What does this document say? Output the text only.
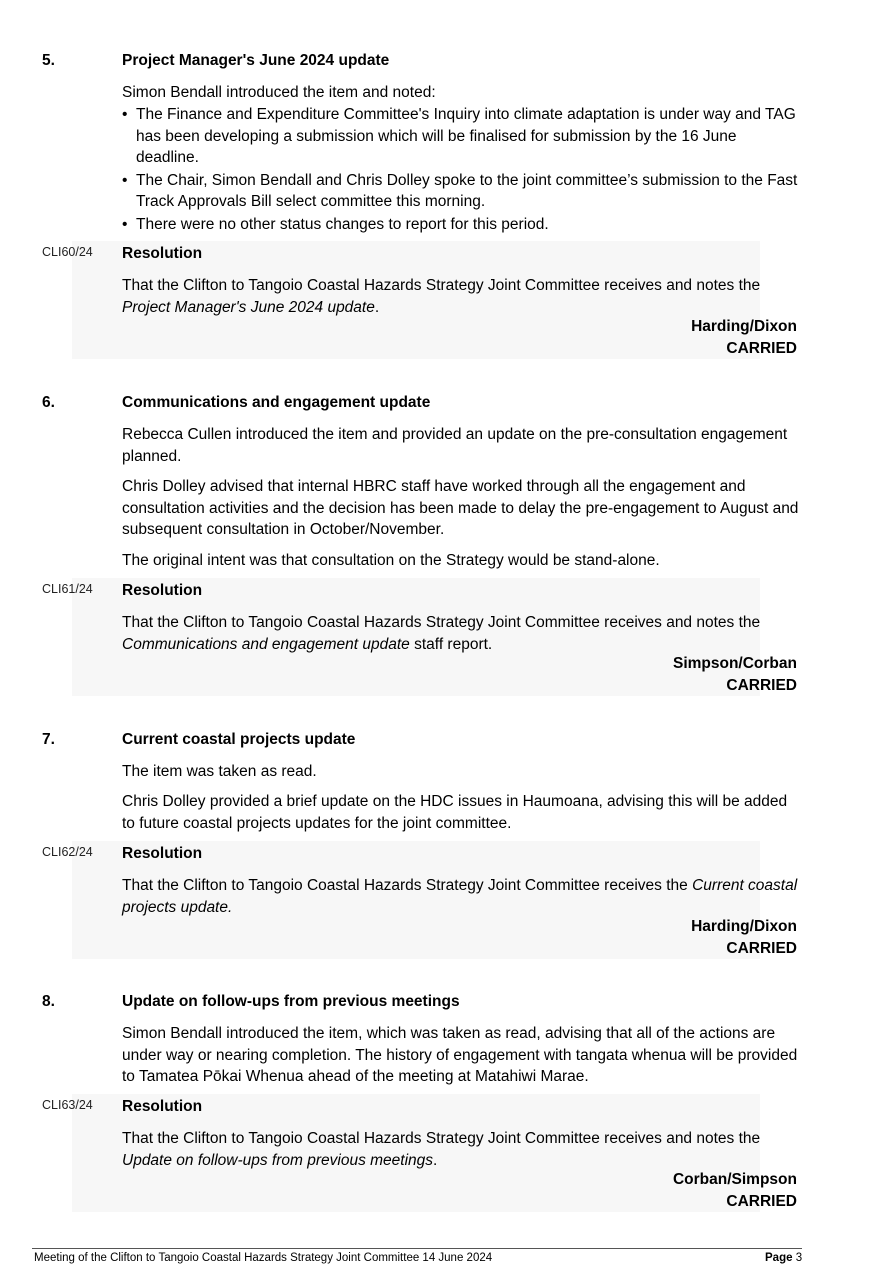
5.	Project Manager's June 2024 update
Simon Bendall introduced the item and noted:
• The Finance and Expenditure Committee's Inquiry into climate adaptation is under way and TAG has been developing a submission which will be finalised for submission by the 16 June deadline.
• The Chair, Simon Bendall and Chris Dolley spoke to the joint committee’s submission to the Fast Track Approvals Bill select committee this morning.
• There were no other status changes to report for this period.
CLI60/24 Resolution
That the Clifton to Tangoio Coastal Hazards Strategy Joint Committee receives and notes the Project Manager's June 2024 update.
Harding/Dixon
CARRIED
6.	Communications and engagement update
Rebecca Cullen introduced the item and provided an update on the pre-consultation engagement planned.
Chris Dolley advised that internal HBRC staff have worked through all the engagement and consultation activities and the decision has been made to delay the pre-engagement to August and subsequent consultation in October/November.
The original intent was that consultation on the Strategy would be stand-alone.
CLI61/24 Resolution
That the Clifton to Tangoio Coastal Hazards Strategy Joint Committee receives and notes the Communications and engagement update staff report.
Simpson/Corban
CARRIED
7.	Current coastal projects update
The item was taken as read.
Chris Dolley provided a brief update on the HDC issues in Haumoana, advising this will be added to future coastal projects updates for the joint committee.
CLI62/24 Resolution
That the Clifton to Tangoio Coastal Hazards Strategy Joint Committee receives the Current coastal projects update.
Harding/Dixon
CARRIED
8.	Update on follow-ups from previous meetings
Simon Bendall introduced the item, which was taken as read, advising that all of the actions are under way or nearing completion. The history of engagement with tangata whenua will be provided to Tamatea Pōkai Whenua ahead of the meeting at Matahiwi Marae.
CLI63/24 Resolution
That the Clifton to Tangoio Coastal Hazards Strategy Joint Committee receives and notes the Update on follow-ups from previous meetings.
Corban/Simpson
CARRIED
Meeting of the Clifton to Tangoio Coastal Hazards Strategy Joint Committee 14 June 2024	Page 3
